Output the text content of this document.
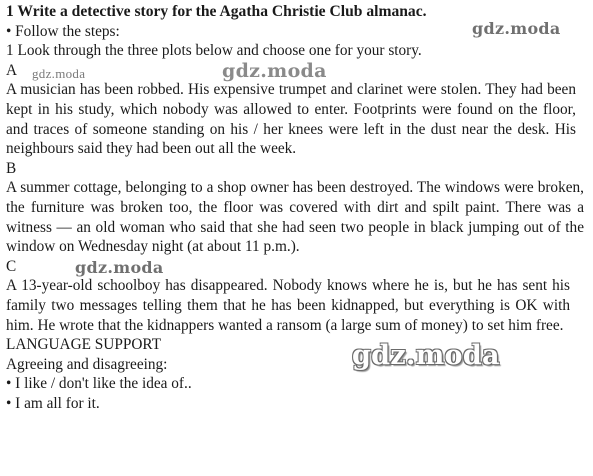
1 Write a detective story for the Agatha Christie Club almanac.

• Follow the steps:

1 Look through the three plots below and choose one for your story.

A

A musician has been robbed. His expensive trumpet and clarinet were stolen. They had been kept in his study, which nobody was allowed to enter. Footprints were found on the floor, and traces of someone standing on his / her knees were left in the dust near the desk. His neighbours said they had been out all the week.

B

A summer cottage, belonging to a shop owner has been destroyed. The windows were broken, the furniture was broken too, the floor was covered with dirt and spilt paint. There was a witness — an old woman who said that she had seen two people in black jumping out of the window on Wednesday night (at about 11 p.m.).

C

A 13-year-old schoolboy has disappeared. Nobody knows where he is, but he has sent his family two messages telling them that he has been kidnapped, but everything is OK with him. He wrote that the kidnappers wanted a ransom (a large sum of money) to set him free.

LANGUAGE SUPPORT

Agreeing and disagreeing:

• I like / don't like the idea of..

• I am all for it.

gdz.moda
gdz.moda	gdz.moda
gdz.moda
gdz.moda
